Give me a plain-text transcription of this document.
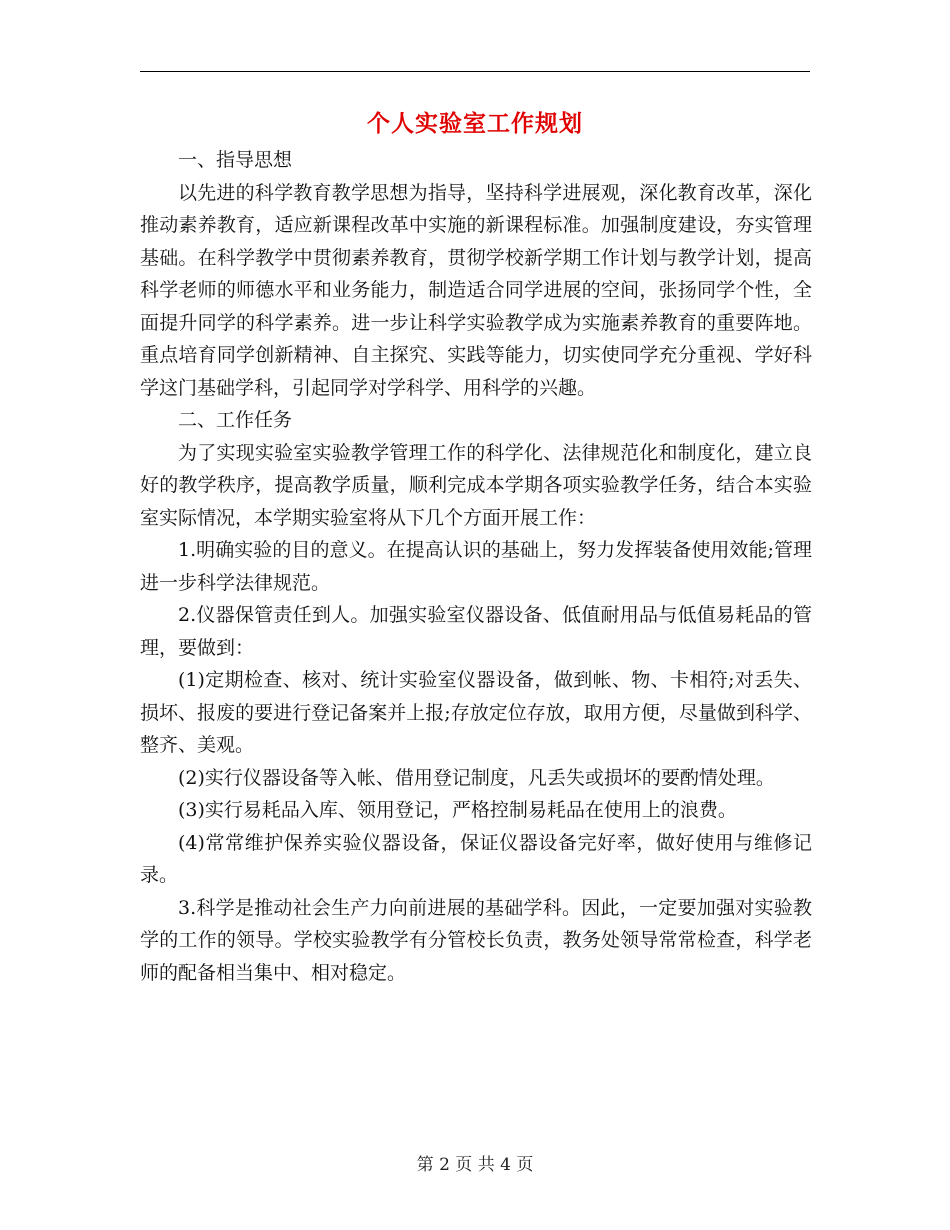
个人实验室工作规划

一、指导思想

以先进的科学教育教学思想为指导，坚持科学进展观，深化教育改革，深化推动素养教育，适应新课程改革中实施的新课程标准。加强制度建设，夯实管理基础。在科学教学中贯彻素养教育，贯彻学校新学期工作计划与教学计划，提高科学老师的师德水平和业务能力，制造适合同学进展的空间，张扬同学个性，全面提升同学的科学素养。进一步让科学实验教学成为实施素养教育的重要阵地。重点培育同学创新精神、自主探究、实践等能力，切实使同学充分重视、学好科学这门基础学科，引起同学对学科学、用科学的兴趣。

二、工作任务

为了实现实验室实验教学管理工作的科学化、法律规范化和制度化，建立良好的教学秩序，提高教学质量，顺利完成本学期各项实验教学任务，结合本实验室实际情况，本学期实验室将从下几个方面开展工作：

1.明确实验的目的意义。在提高认识的基础上，努力发挥装备使用效能;管理进一步科学法律规范。

2.仪器保管责任到人。加强实验室仪器设备、低值耐用品与低值易耗品的管理，要做到：

(1)定期检查、核对、统计实验室仪器设备，做到帐、物、卡相符;对丢失、损坏、报废的要进行登记备案并上报;存放定位存放，取用方便，尽量做到科学、整齐、美观。

(2)实行仪器设备等入帐、借用登记制度，凡丢失或损坏的要酌情处理。

(3)实行易耗品入库、领用登记，严格控制易耗品在使用上的浪费。

(4)常常维护保养实验仪器设备，保证仪器设备完好率，做好使用与维修记录。

3.科学是推动社会生产力向前进展的基础学科。因此，一定要加强对实验教学的工作的领导。学校实验教学有分管校长负责，教务处领导常常检查，科学老师的配备相当集中、相对稳定。

第 2 页 共 4 页
